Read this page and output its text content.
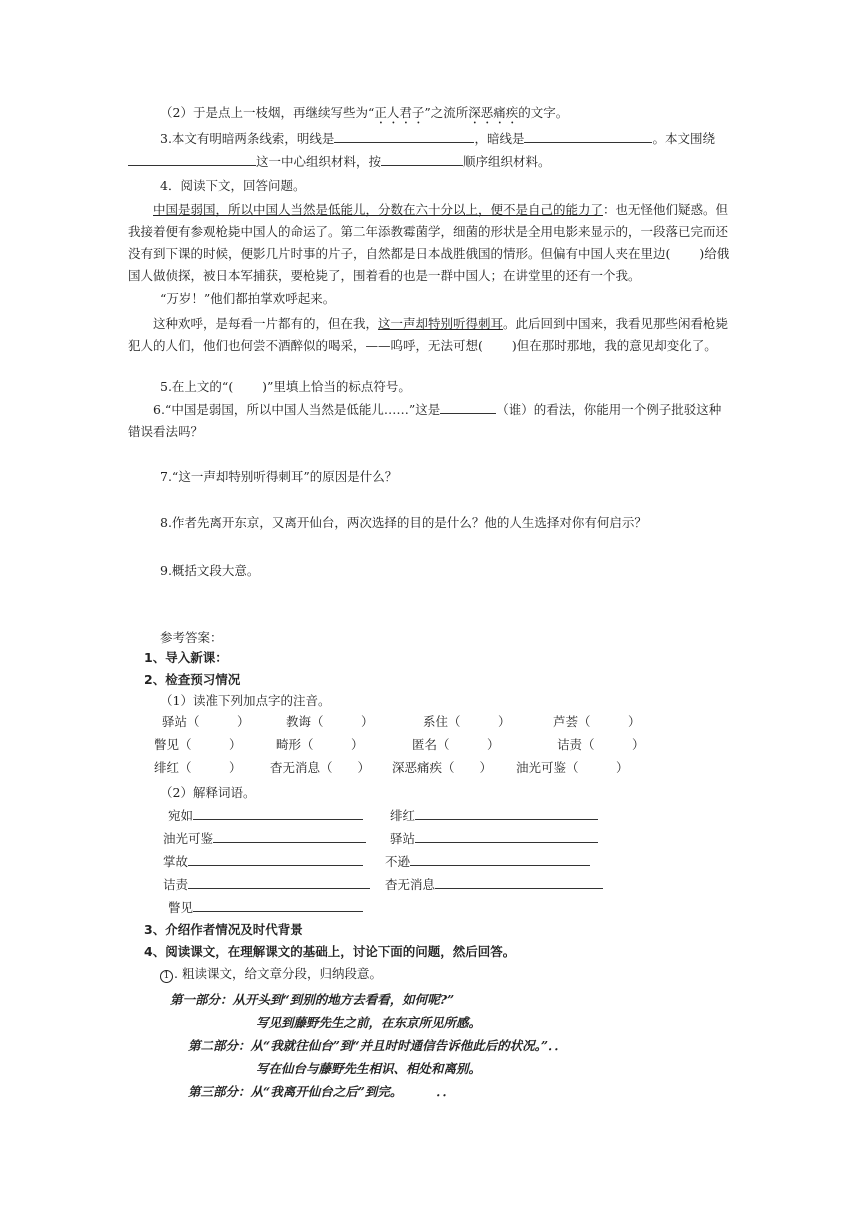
（2）于是点上一枝烟，再继续写些为“正人君子”之流所深恶痛疾的文字。
3.本文有明暗两条线索，明线是	，暗线是	。本文围绕
这一中心组织材料，按	顺序组织材料。
4．阅读下文，回答问题。
中国是弱国，所以中国人当然是低能儿，分数在六十分以上，便不是自己的能力了：也无怪他们疑惑。但我接着便有参观枪毙中国人的命运了。第二年添教霉菌学，细菌的形状是全用电影来显示的，一段落已完而还没有到下课的时候，便影几片时事的片子，自然都是日本战胜俄国的情形。但偏有中国人夹在里边(　　 )给俄国人做侦探，被日本军捕获，要枪毙了，围着看的也是一群中国人；在讲堂里的还有一个我。
“万岁！”他们都拍掌欢呼起来。
这种欢呼，是每看一片都有的，但在我，这一声却特别听得刺耳。此后回到中国来，我看见那些闲看枪毙犯人的人们，他们也何尝不酒醉似的喝采，——呜呼，无法可想(　　 )但在那时那地，我的意见却变化了。
5.在上文的“(　　 )”里填上恰当的标点符号。
6.“中国是弱国，所以中国人当然是低能儿……”这是	（谁）的看法，你能用一个例子批驳这种错误看法吗？
7.“这一声却特别听得刺耳”的原因是什么？
8.作者先离开东京，又离开仙台，两次选择的目的是什么？他的人生选择对你有何启示？
9.概括文段大意。
参考答案：
1、导入新课：
2、检查预习情况
（1）读准下列加点字的注音。
驿站（　　　）	教诲（　　　）	系住（　　　）	芦荟（　　　）
瞥见（　　　）	畸形（　　　）	匿名（　　　）	诘责（　　　）
绯红（　　　） 杳无消息（　　） 深恶痛疾（　　） 油光可鉴（　　　）
（2）解释词语。
宛如	绯红
油光可鉴	驿站
掌故	不逊
诘责	杳无消息
瞥见
3、介绍作者情况及时代背景
4、阅读课文，在理解课文的基础上，讨论下面的问题，然后回答。
1 . 粗读课文，给文章分段，归纳段意。
第一部分：从开头到“到别的地方去看看，如何呢?”
写见到藤野先生之前，在东京所见所感。
第二部分：从“我就往仙台”到“并且时时通信告诉他此后的状况。”．．
写在仙台与藤野先生相识、相处和离别。
第三部分：从“我离开仙台之后”到完。	．．
